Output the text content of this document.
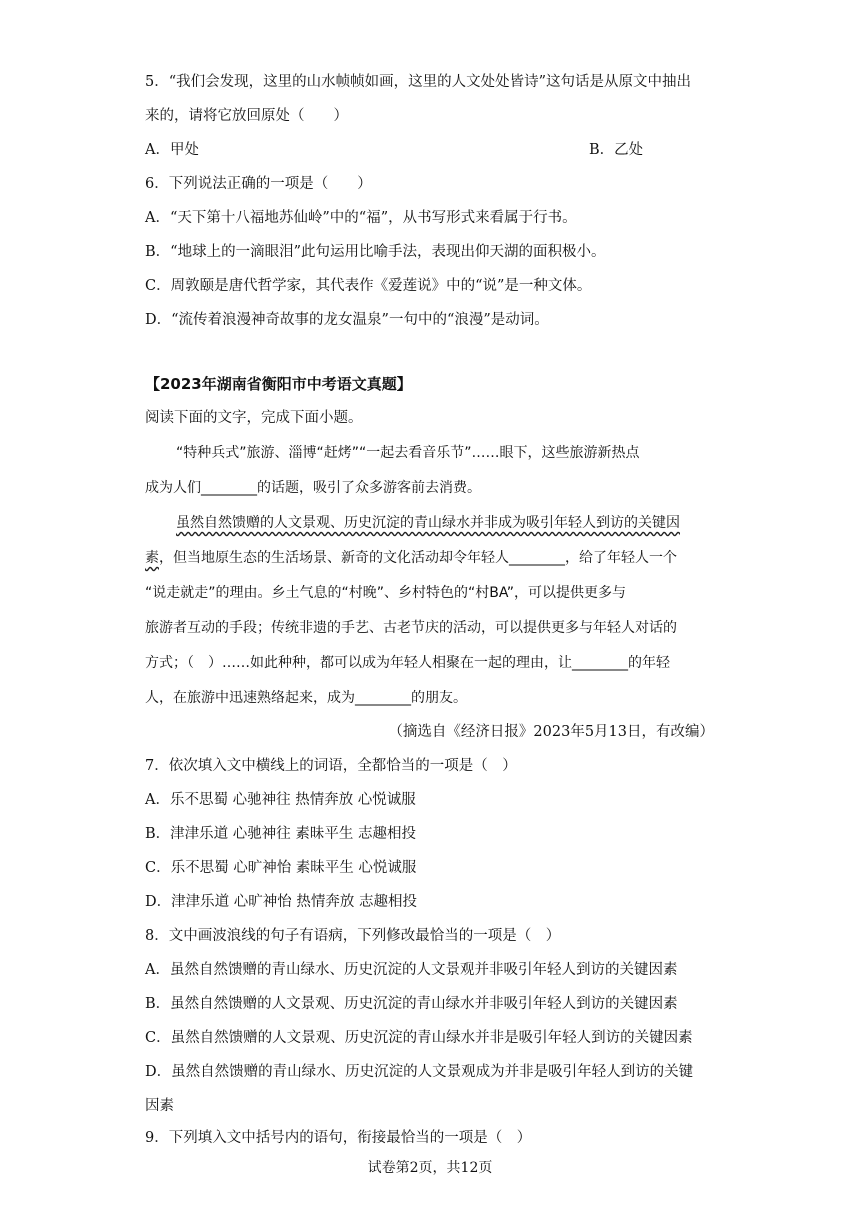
5．“我们会发现，这里的山水帧帧如画，这里的人文处处皆诗”这句话是从原文中抽出
来的，请将它放回原处（　　）
A．甲处	B．乙处
6．下列说法正确的一项是（　　）
A．“天下第十八福地苏仙岭”中的“福”，从书写形式来看属于行书。
B．“地球上的一滴眼泪”此句运用比喻手法，表现出仰天湖的面积极小。
C．周敦颐是唐代哲学家，其代表作《爱莲说》中的“说”是一种文体。
D．“流传着浪漫神奇故事的龙女温泉”一句中的“浪漫”是动词。
【2023年湖南省衡阳市中考语文真题】
阅读下面的文字，完成下面小题。
“特种兵式”旅游、淄博“赶烤”“一起去看音乐节”……眼下，这些旅游新热点
成为人们________的话题，吸引了众多游客前去消费。
虽然自然馈赠的人文景观、历史沉淀的青山绿水并非成为吸引年轻人到访的关键因
素，但当地原生态的生活场景、新奇的文化活动却令年轻人________，给了年轻人一个
“说走就走”的理由。乡土气息的“村晚”、乡村特色的“村BA”，可以提供更多与
旅游者互动的手段；传统非遗的手艺、古老节庆的活动，可以提供更多与年轻人对话的
方式；（　）……如此种种，都可以成为年轻人相聚在一起的理由，让________的年轻
人，在旅游中迅速熟络起来，成为________的朋友。
（摘选自《经济日报》2023年5月13日，有改编）
7．依次填入文中横线上的词语，全都恰当的一项是（　）
A．乐不思蜀 心驰神往 热情奔放 心悦诚服
B．津津乐道 心驰神往 素昧平生 志趣相投
C．乐不思蜀 心旷神怡 素昧平生 心悦诚服
D．津津乐道 心旷神怡 热情奔放 志趣相投
8．文中画波浪线的句子有语病，下列修改最恰当的一项是（　）
A．虽然自然馈赠的青山绿水、历史沉淀的人文景观并非吸引年轻人到访的关键因素
B．虽然自然馈赠的人文景观、历史沉淀的青山绿水并非吸引年轻人到访的关键因素
C．虽然自然馈赠的人文景观、历史沉淀的青山绿水并非是吸引年轻人到访的关键因素
D．虽然自然馈赠的青山绿水、历史沉淀的人文景观成为并非是吸引年轻人到访的关键
因素
9．下列填入文中括号内的语句，衔接最恰当的一项是（　）
试卷第2页，共12页
